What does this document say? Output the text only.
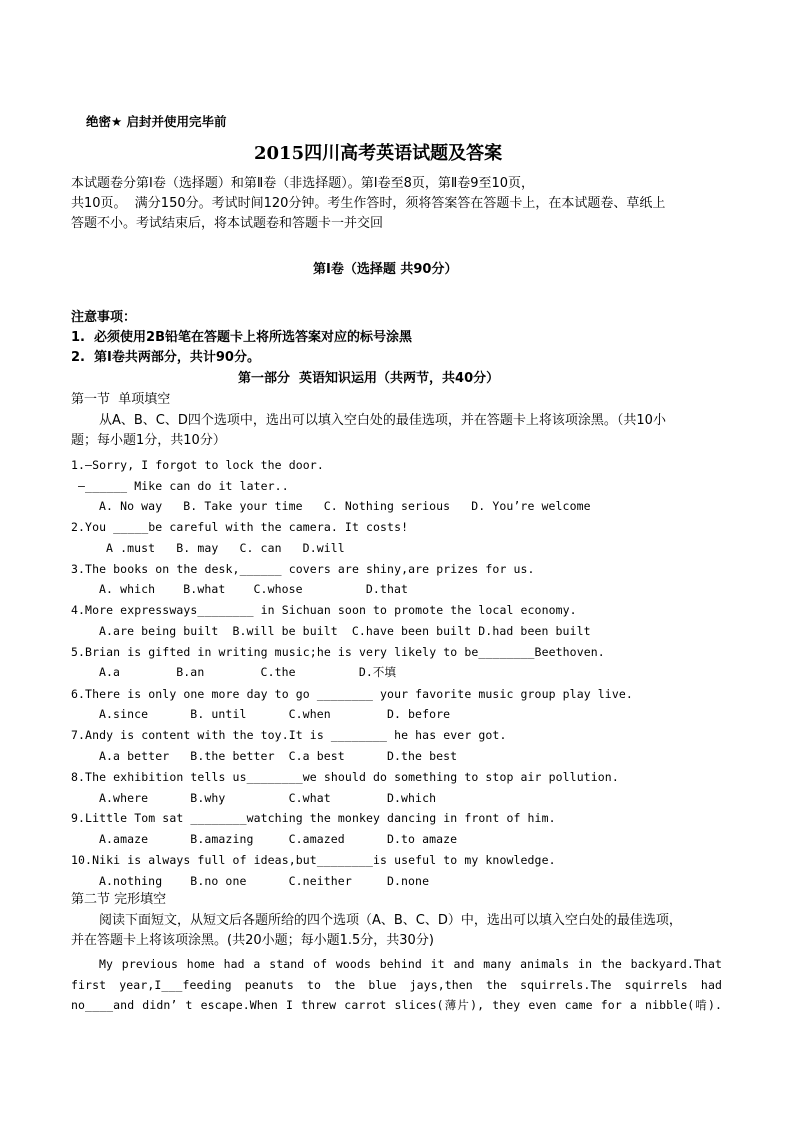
绝密★ 启封并使用完毕前
2015四川高考英语试题及答案
本试题卷分第Ⅰ卷（选择题）和第Ⅱ卷（非选择题）。第Ⅰ卷至8页，第Ⅱ卷9至10页，
共10页。  满分150分。考试时间120分钟。考生作答时，须将答案答在答题卡上，在本试题卷、草纸上
答题不小。考试结束后，将本试题卷和答题卡一并交回
第Ⅰ卷（选择题 共90分）
注意事项：
1.  必须使用2B铅笔在答题卡上将所选答案对应的标号涂黑
2.  第Ⅰ卷共两部分，共计90分。
第一部分  英语知识运用（共两节，共40分）
第一节  单项填空
从A、B、C、D四个选项中，选出可以填入空白处的最佳选项，并在答题卡上将该项涂黑。（共10小
题；每小题1分，共10分）
1.—Sorry, I forgot to lock the door.
—______ Mike can do it later..
A. No way   B. Take your time   C. Nothing serious   D. You’re welcome
2.You _____be careful with the camera. It costs!
A .must   B. may   C. can   D.will
3.The books on the desk,______ covers are shiny,are prizes for us.
A. which    B.what    C.whose         D.that
4.More expressways________ in Sichuan soon to promote the local economy.
A.are being built  B.will be built  C.have been built D.had been built
5.Brian is gifted in writing music;he is very likely to be________Beethoven.
A.a        B.an        C.the         D.不填
6.There is only one more day to go ________ your favorite music group play live.
A.since      B. until      C.when        D. before
7.Andy is content with the toy.It is ________ he has ever got.
A.a better   B.the better  C.a best      D.the best
8.The exhibition tells us________we should do something to stop air pollution.
A.where      B.why         C.what        D.which
9.Little Tom sat ________watching the monkey dancing in front of him.
A.amaze      B.amazing     C.amazed      D.to amaze
10.Niki is always full of ideas,but________is useful to my knowledge.
A.nothing    B.no one      C.neither     D.none
第二节 完形填空
阅读下面短文，从短文后各题所给的四个选项（A、B、C、D）中，选出可以填入空白处的最佳选项，
并在答题卡上将该项涂黑。(共20小题；每小题1.5分，共30分)
My previous home had a stand of woods behind it and many animals in the backyard.That
first year,I___feeding peanuts to the blue jays,then the squirrels.The squirrels had
no____and didn’ t escape.When I threw carrot slices(薄片), they even came for a nibble(啃).
